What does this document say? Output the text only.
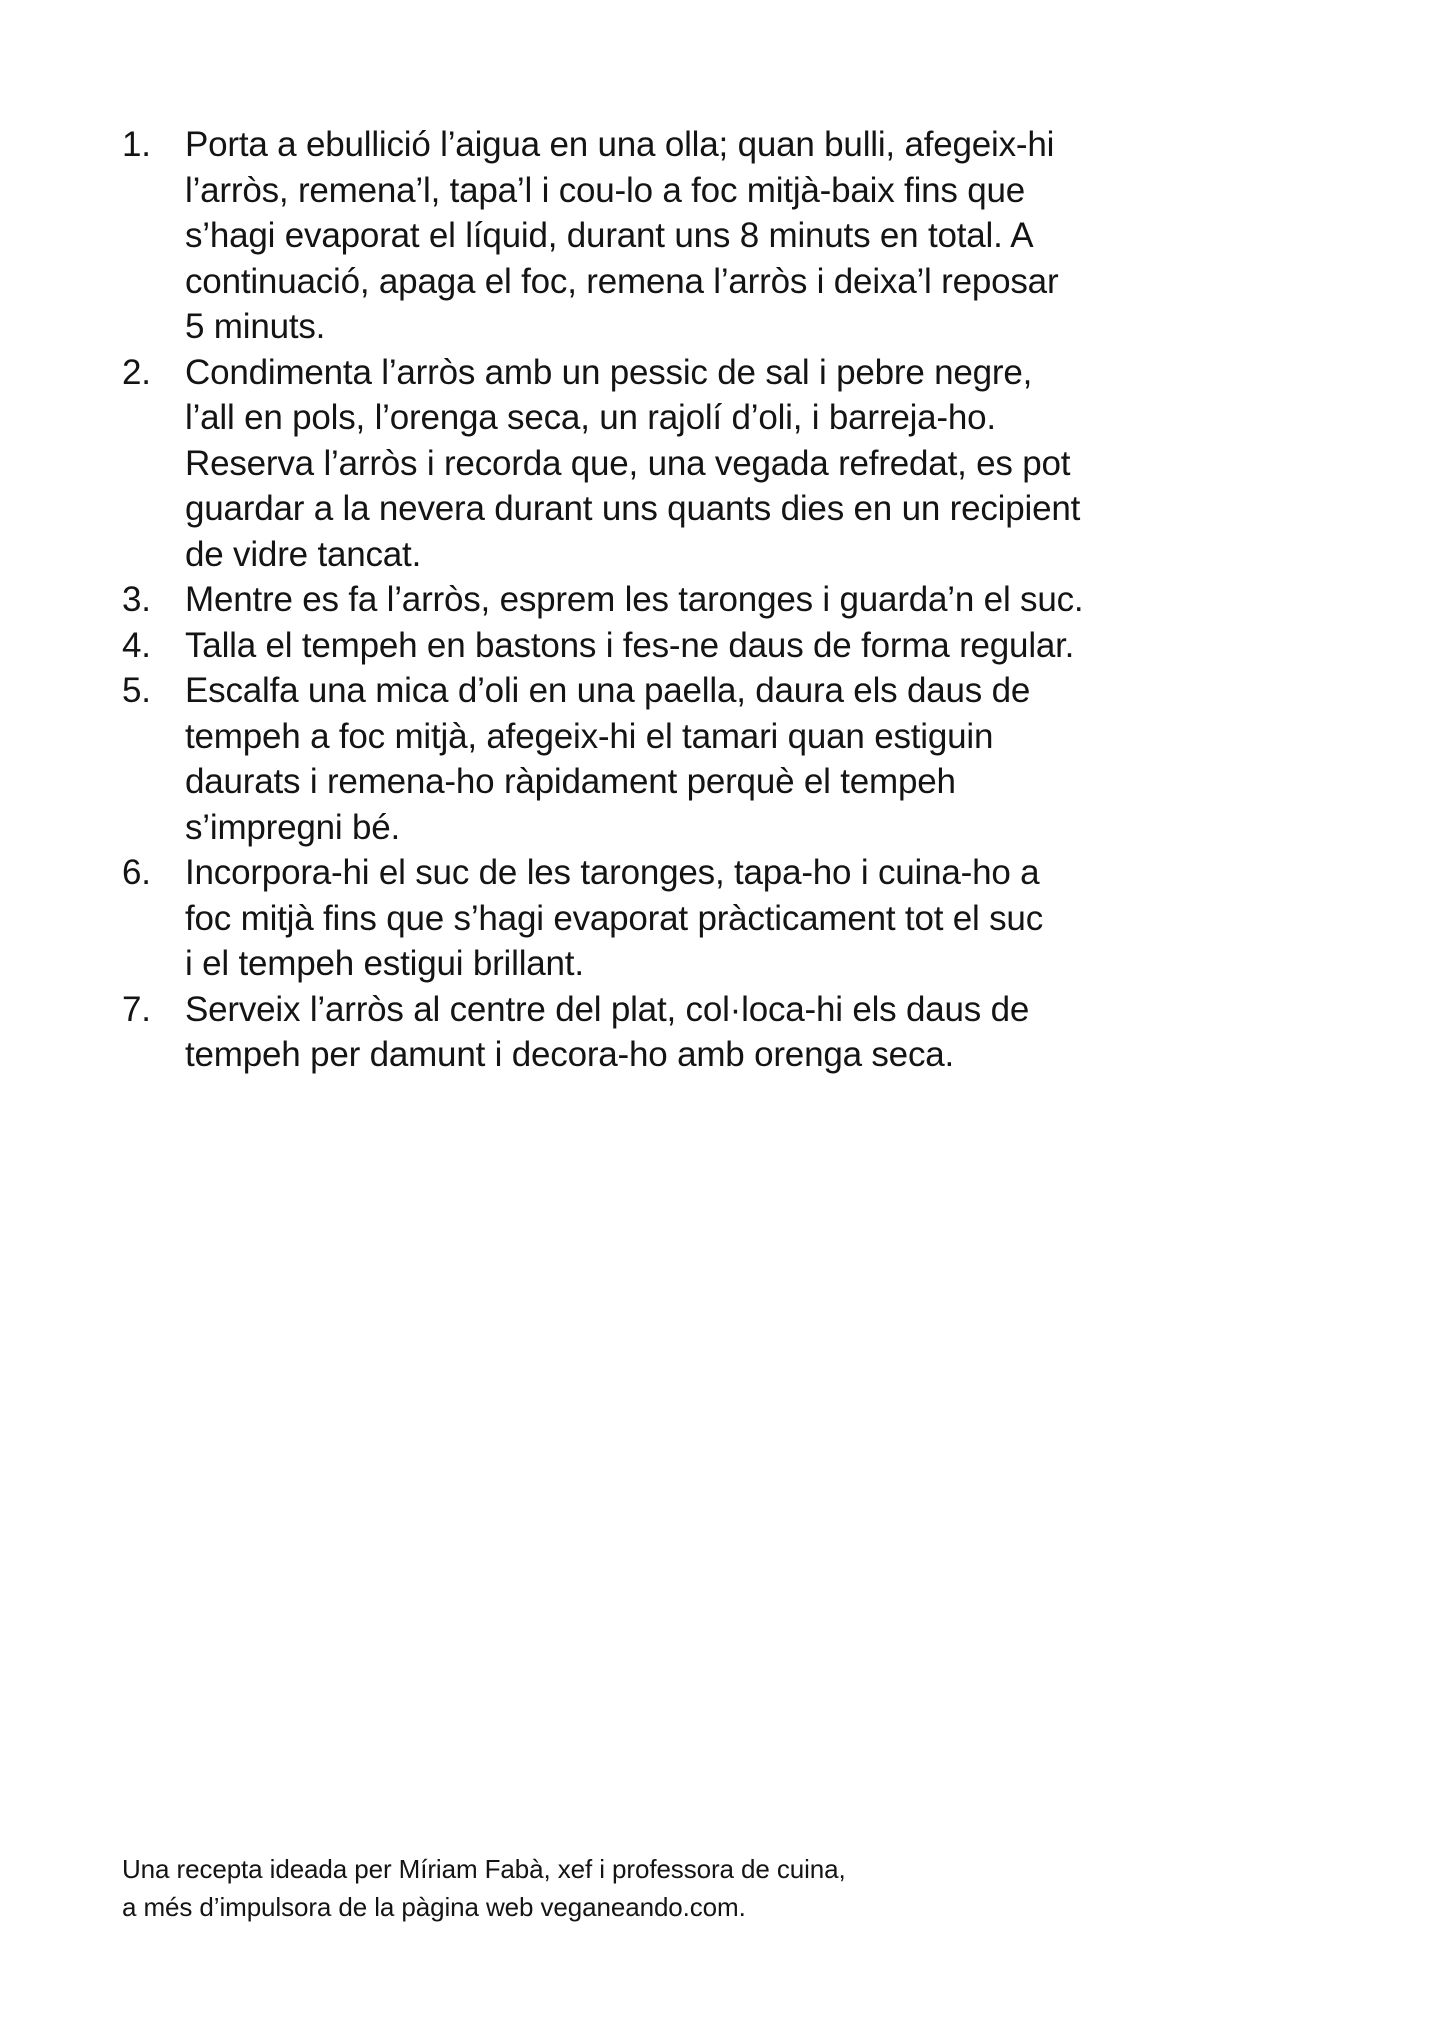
1. Porta a ebullició l’aigua en una olla; quan bulli, afegeix-hi
l’arròs, remena’l, tapa’l i cou-lo a foc mitjà-baix fins que
s’hagi evaporat el líquid, durant uns 8 minuts en total. A
continuació, apaga el foc, remena l’arròs i deixa’l reposar
5 minuts.
2. Condimenta l’arròs amb un pessic de sal i pebre negre,
l’all en pols, l’orenga seca, un rajolí d’oli, i barreja-ho.
Reserva l’arròs i recorda que, una vegada refredat, es pot
guardar a la nevera durant uns quants dies en un recipient
de vidre tancat.
3. Mentre es fa l’arròs, esprem les taronges i guarda’n el suc.
4. Talla el tempeh en bastons i fes-ne daus de forma regular.
5. Escalfa una mica d’oli en una paella, daura els daus de
tempeh a foc mitjà, afegeix-hi el tamari quan estiguin
daurats i remena-ho ràpidament perquè el tempeh
s’impregni bé.
6. Incorpora-hi el suc de les taronges, tapa-ho i cuina-ho a
foc mitjà fins que s’hagi evaporat pràcticament tot el suc
i el tempeh estigui brillant.
7. Serveix l’arròs al centre del plat, col·loca-hi els daus de
tempeh per damunt i decora-ho amb orenga seca.
Una recepta ideada per Míriam Fabà, xef i professora de cuina,
a més d’impulsora de la pàgina web veganeando.com.
